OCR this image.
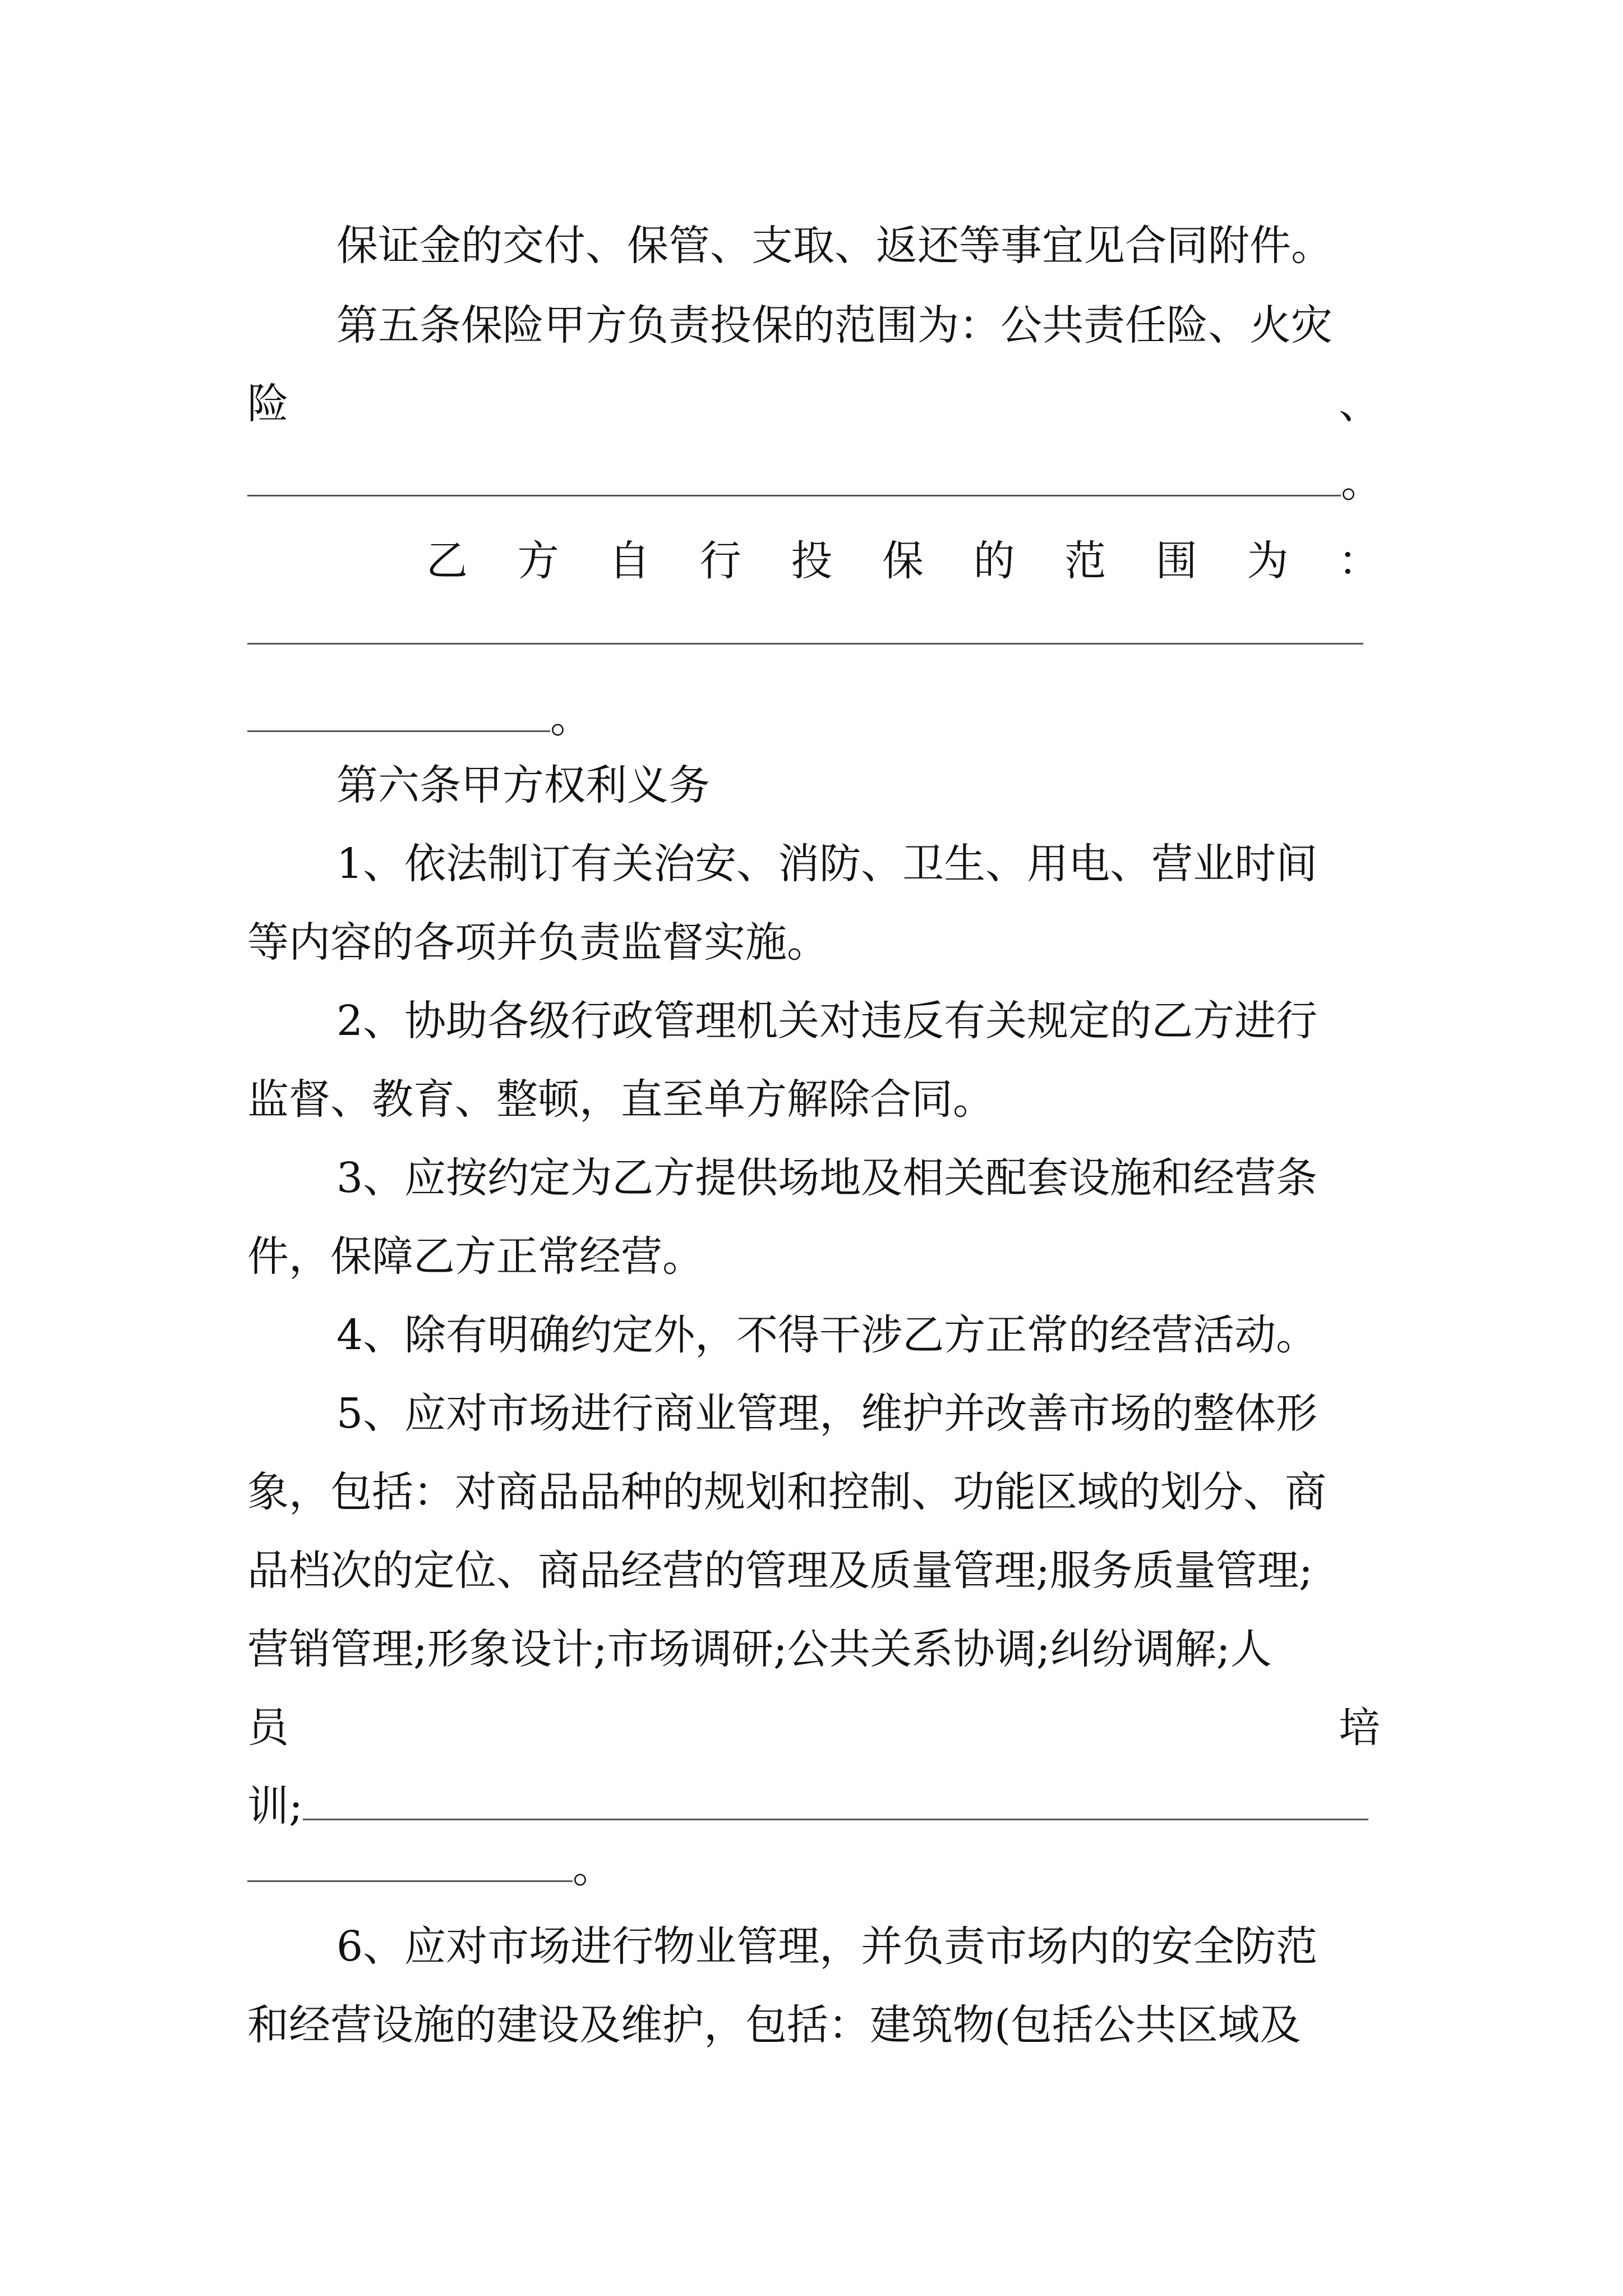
保证金的交付、保管、支取、返还等事宜见合同附件。
第五条保险甲方负责投保的范围为：公共责任险、火灾
险	、
。
乙 方 自 行 投 保 的 范 围 为 ：
。
第六条甲方权利义务
1、依法制订有关治安、消防、卫生、用电、营业时间
等内容的各项并负责监督实施。
2、协助各级行政管理机关对违反有关规定的乙方进行
监督、教育、整顿，直至单方解除合同。
3、应按约定为乙方提供场地及相关配套设施和经营条
件，保障乙方正常经营。
4、除有明确约定外，不得干涉乙方正常的经营活动。
5、应对市场进行商业管理，维护并改善市场的整体形
象，包括：对商品品种的规划和控制、功能区域的划分、商
品档次的定位、商品经营的管理及质量管理;服务质量管理;
营销管理;形象设计;市场调研;公共关系协调;纠纷调解;人
员	培
训;
。
6、应对市场进行物业管理，并负责市场内的安全防范
和经营设施的建设及维护，包括：建筑物(包括公共区域及
